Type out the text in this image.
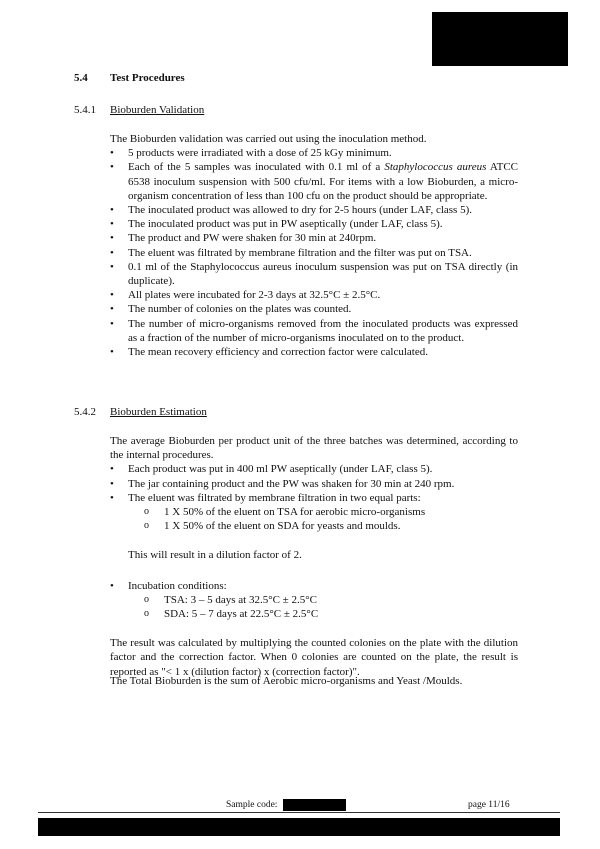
5.4 Test Procedures
5.4.1 Bioburden Validation

The Bioburden validation was carried out using the inoculation method.

• 5 products were irradiated with a dose of 25 kGy minimum.
• Each of the 5 samples was inoculated with 0.1 ml of a Staphylococcus aureus ATCC 6538 inoculum suspension with 500 cfu/ml. For items with a low Bioburden, a micro-organism concentration of less than 100 cfu on the product should be appropriate.
• The inoculated product was allowed to dry for 2-5 hours (under LAF, class 5).
• The inoculated product was put in PW aseptically (under LAF, class 5).
• The product and PW were shaken for 30 min at 240rpm.
• The eluent was filtrated by membrane filtration and the filter was put on TSA.
• 0.1 ml of the Staphylococcus aureus inoculum suspension was put on TSA directly (in duplicate).
• All plates were incubated for 2-3 days at 32.5°C ± 2.5°C.
• The number of colonies on the plates was counted.
• The number of micro-organisms removed from the inoculated products was expressed as a fraction of the number of micro-organisms inoculated on to the product.
• The mean recovery efficiency and correction factor were calculated.
5.4.2 Bioburden Estimation

The average Bioburden per product unit of the three batches was determined, according to the internal procedures.

• Each product was put in 400 ml PW aseptically (under LAF, class 5).
• The jar containing product and the PW was shaken for 30 min at 240 rpm.
• The eluent was filtrated by membrane filtration in two equal parts:
o 1 X 50% of the eluent on TSA for aerobic micro-organisms
o 1 X 50% of the eluent on SDA for yeasts and moulds.

This will result in a dilution factor of 2.

• Incubation conditions:
o TSA: 3 – 5 days at 32.5°C ± 2.5°C
o SDA: 5 – 7 days at 22.5°C ± 2.5°C

The result was calculated by multiplying the counted colonies on the plate with the dilution factor and the correction factor. When 0 colonies are counted on the plate, the result is reported as "< 1 x (dilution factor) x (correction factor)".

The Total Bioburden is the sum of Aerobic micro-organisms and Yeast /Moulds.

Sample code:	page 11/16
